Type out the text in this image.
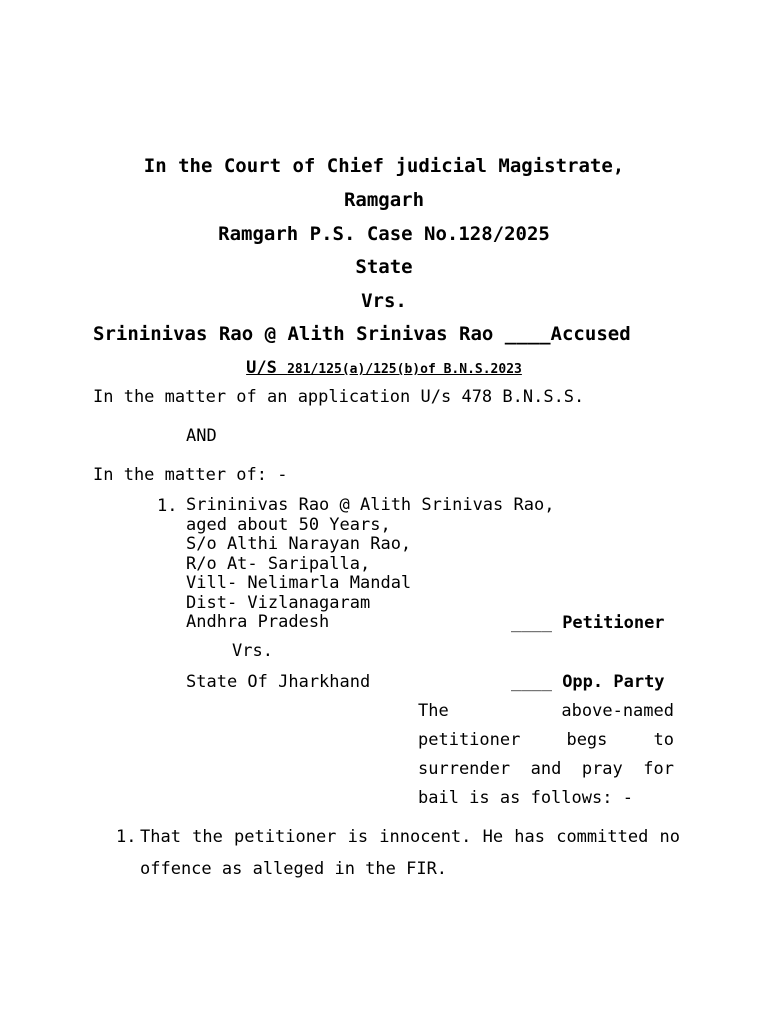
In the Court of Chief judicial Magistrate,
Ramgarh
Ramgarh P.S. Case No.128/2025
State
Vrs.
Srininivas Rao @ Alith Srinivas Rao ____Accused
U/S 281/125(a)/125(b)of B.N.S.2023
In the matter of an application U/s 478 B.N.S.S.
AND
In the matter of: -
1. Srininivas Rao @ Alith Srinivas Rao,
aged about 50 Years,
S/o Althi Narayan Rao,
R/o At- Saripalla,
Vill- Nelimarla Mandal
Dist- Vizlanagaram
Andhra Pradesh	____ Petitioner
Vrs.
State Of Jharkhand	____ Opp. Party
The above-named
petitioner begs to
surrender and pray for
bail is as follows: -
1. That the petitioner is innocent. He has committed no offence as alleged in the FIR.
